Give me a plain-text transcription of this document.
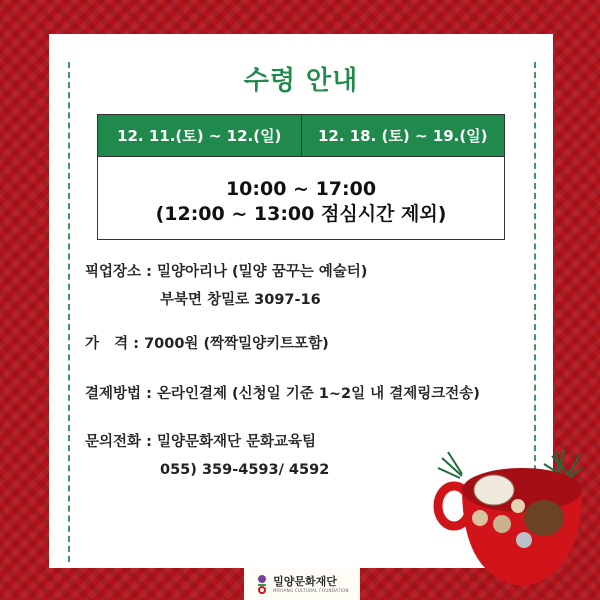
수령 안내
12. 11.(토) ~ 12.(일)	12. 18. (토) ~ 19.(일)
10:00 ~ 17:00
(12:00 ~ 13:00 점심시간 제외)
픽업장소 : 밀양아리나 (밀양 꿈꾸는 예술터)
부북면 창밀로 3097-16
가   격 : 7000원 (짝짝밀양키트포함)
결제방법 : 온라인결제 (신청일 기준 1~2일 내 결제링크전송)
문의전화 : 밀양문화재단 문화교육팀
055) 359-4593/ 4592
밀양문화재단
MIRYANG CULTURAL FOUNDATION
